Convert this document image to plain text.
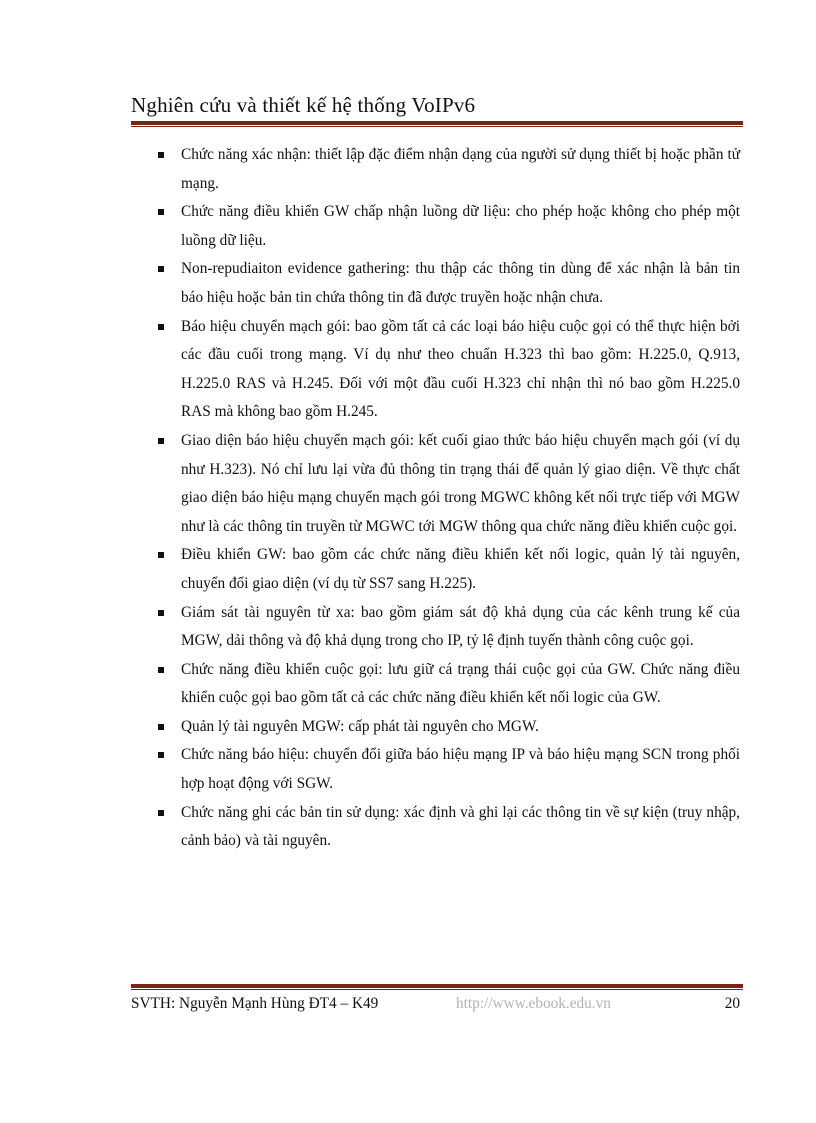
Nghiên cứu và thiết kế hệ thống VoIPv6
Chức năng xác nhận: thiết lập đặc điểm nhận dạng của người sử dụng thiết bị hoặc phần tử mạng.
Chức năng điều khiển GW chấp nhận luồng dữ liệu: cho phép hoặc không cho phép một luồng dữ liệu.
Non-repudiaiton evidence gathering: thu thập các thông tin dùng để xác nhận là bản tin báo hiệu hoặc bản tin chứa thông tin đã được truyền hoặc nhận chưa.
Báo hiệu chuyển mạch gói: bao gồm tất cả các loại báo hiệu cuộc gọi có thể thực hiện bởi các đầu cuối trong mạng. Ví dụ như theo chuẩn H.323 thì bao gồm: H.225.0, Q.913, H.225.0 RAS và H.245. Đối với một đầu cuối H.323 chỉ nhận thì nó bao gồm H.225.0 RAS mà không bao gồm H.245.
Giao diện báo hiệu chuyển mạch gói: kết cuối giao thức báo hiệu chuyển mạch gói (ví dụ như H.323). Nó chỉ lưu lại vừa đủ thông tin trạng thái để quản lý giao diện. Về thực chất giao diện báo hiệu mạng chuyển mạch gói trong MGWC không kết nối trực tiếp với MGW như là các thông tin truyền từ MGWC tới MGW thông qua chức năng điều khiển cuộc gọi.
Điều khiển GW: bao gồm các chức năng điều khiển kết nối logic, quản lý tài nguyên, chuyển đổi giao diện (ví dụ từ SS7 sang H.225).
Giám sát tài nguyên từ xa: bao gồm giám sát độ khả dụng của các kênh trung kế của MGW, dải thông và độ khả dụng trong cho IP, tỷ lệ định tuyến thành công cuộc gọi.
Chức năng điều khiển cuộc gọi: lưu giữ cá trạng thái cuộc gọi của GW. Chức năng điều khiển cuộc gọi bao gồm tất cả các chức năng điều khiển kết nối logic của GW.
Quản lý tài nguyên MGW: cấp phát tài nguyên cho MGW.
Chức năng báo hiệu: chuyển đổi giữa báo hiệu mạng IP và báo hiệu mạng SCN trong phối hợp hoạt động với SGW.
Chức năng ghi các bản tin sử dụng: xác định và ghi lại các thông tin về sự kiện (truy nhập, cảnh bảo) và tài nguyên.
SVTH: Nguyễn Mạnh Hùng ĐT4 – K49	http://www.ebook.edu.vn	20
